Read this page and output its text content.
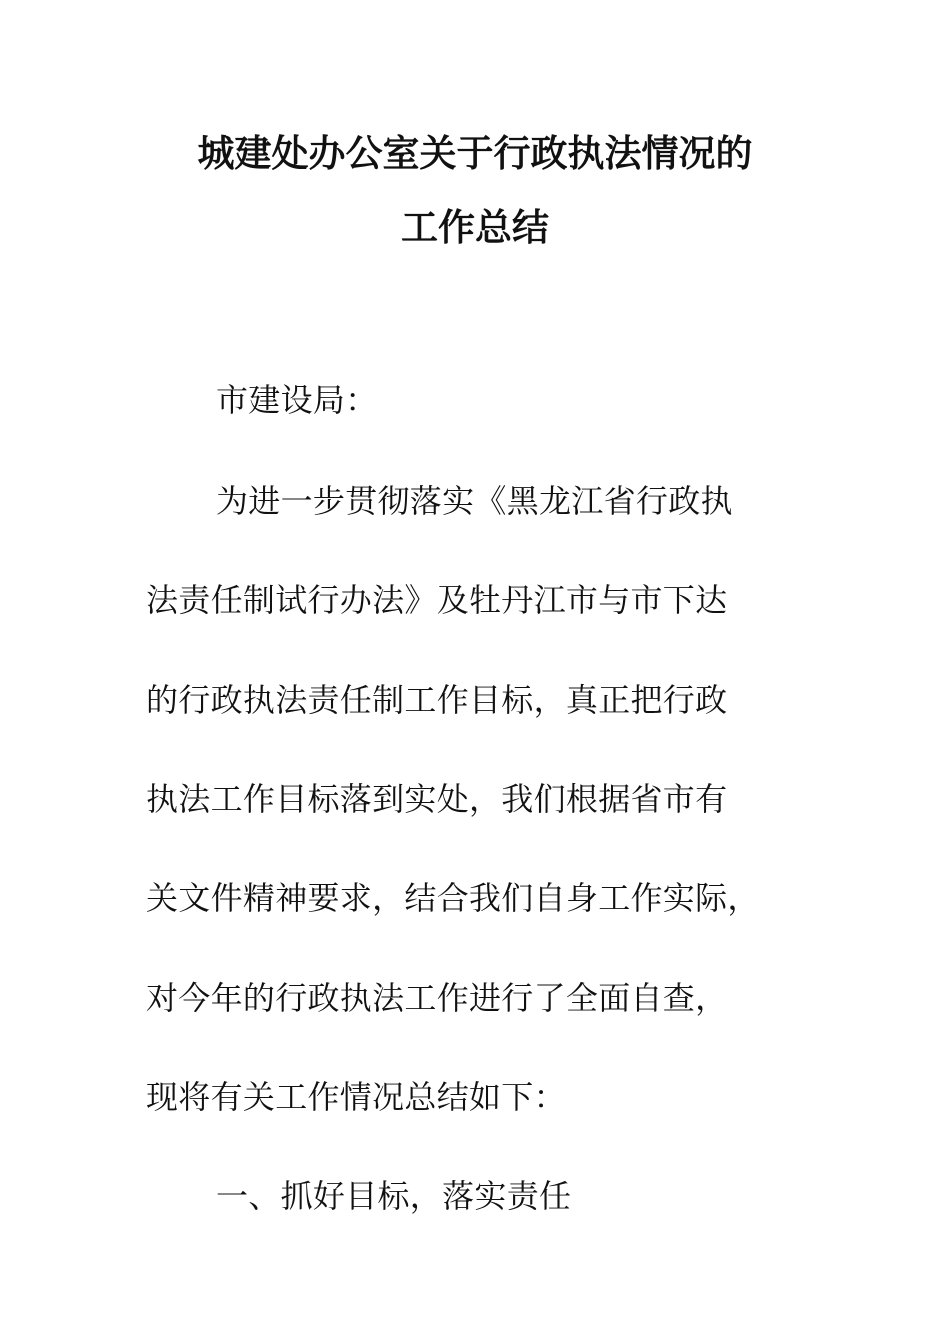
城建处办公室关于行政执法情况的
工作总结
市建设局：
为进一步贯彻落实《黑龙江省行政执
法责任制试行办法》及牡丹江市与市下达
的行政执法责任制工作目标，真正把行政
执法工作目标落到实处，我们根据省市有
关文件精神要求，结合我们自身工作实际，
对今年的行政执法工作进行了全面自查，
现将有关工作情况总结如下：
一、抓好目标，落实责任
